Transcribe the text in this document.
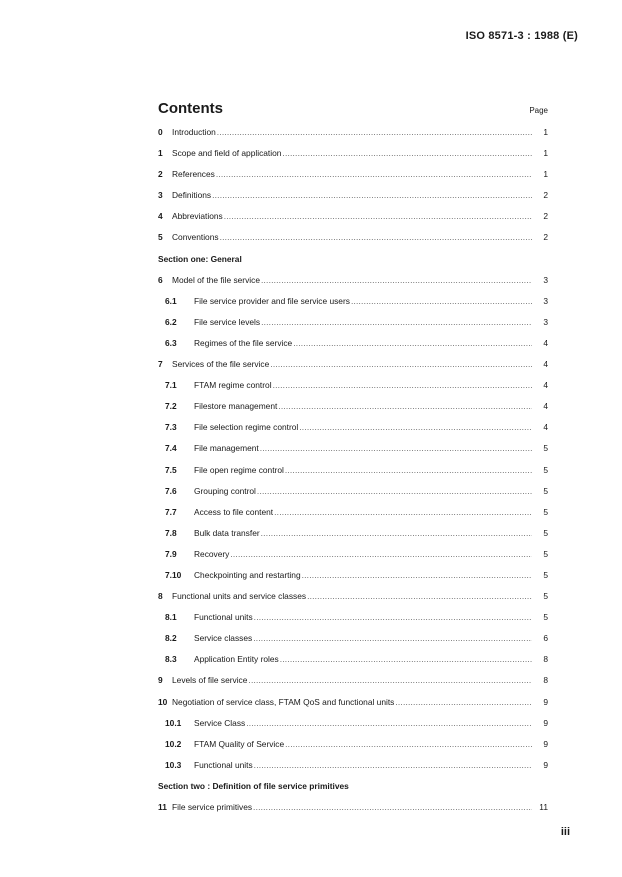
ISO 8571-3 : 1988 (E)
Contents	Page
0	Introduction .....	1
1	Scope and field of application .....	1
2	References .....	1
3	Definitions .....	2
4	Abbreviations .....	2
5	Conventions .....	2
Section one: General
6	Model of the file service .....	3
6.1	File service provider and file service users .....	3
6.2	File service levels .....	3
6.3	Regimes of the file service .....	4
7	Services of the file service .....	4
7.1	FTAM regime control .....	4
7.2	Filestore management .....	4
7.3	File selection regime control .....	4
7.4	File management .....	5
7.5	File open regime control .....	5
7.6	Grouping control .....	5
7.7	Access to file content .....	5
7.8	Bulk data transfer .....	5
7.9	Recovery .....	5
7.10	Checkpointing and restarting .....	5
8	Functional units and service classes .....	5
8.1	Functional units .....	5
8.2	Service classes .....	6
8.3	Application Entity roles .....	8
9	Levels of file service .....	8
10 Negotiation of service class, FTAM QoS and functional units .....	9
10.1	Service Class .....	9
10.2	FTAM Quality of Service .....	9
10.3	Functional units .....	9
Section two : Definition of file service primitives
11 File service primitives .....	11
iii
